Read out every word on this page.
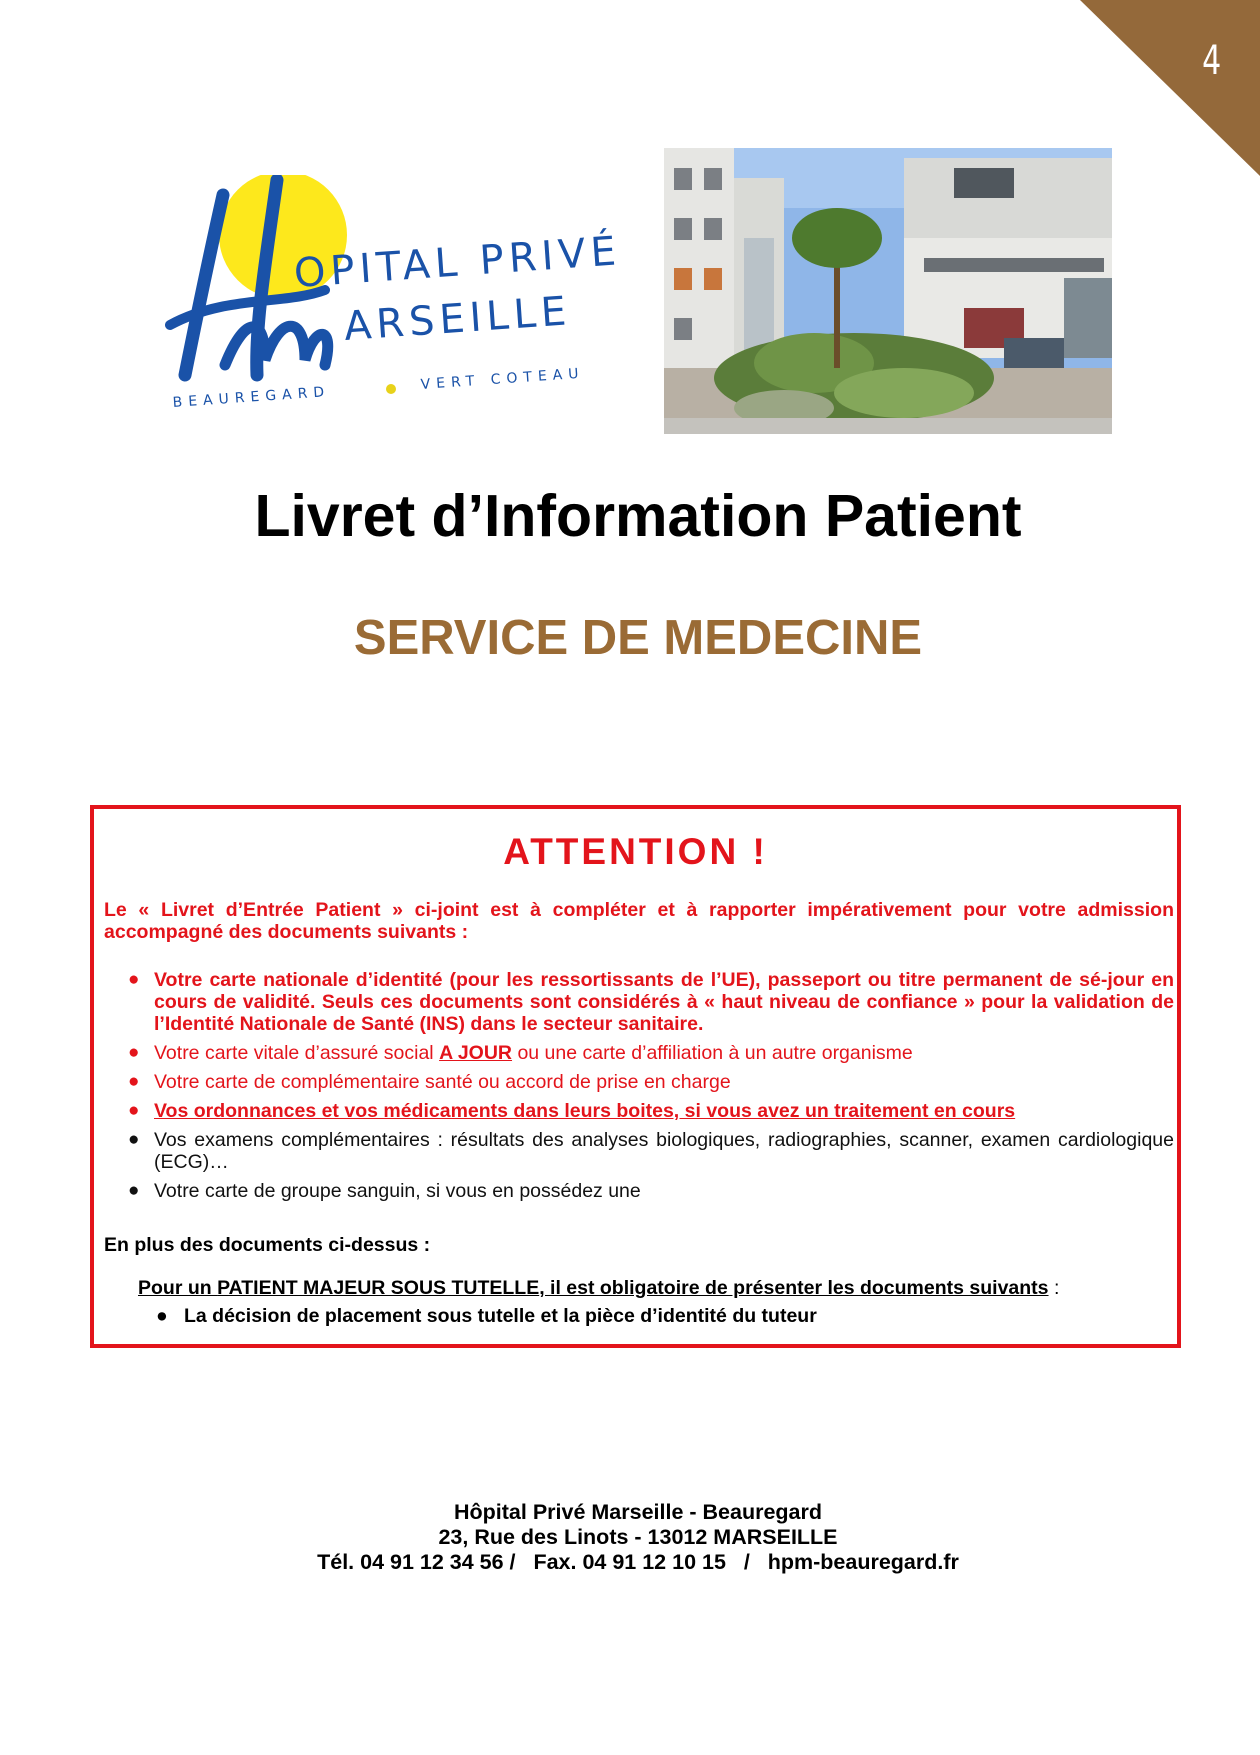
4
OPITAL PRIVÉ
ARSEILLE
BEAUREGARD
VERT COTEAU
Livret d’Information Patient
SERVICE DE MEDECINE
ATTENTION !
Le « Livret d’Entrée Patient » ci-joint est à compléter et à rapporter impérativement pour votre admission accompagné des documents suivants :
● Votre carte nationale d’identité (pour les ressortissants de l’UE), passeport ou titre permanent de sé-jour en cours de validité. Seuls ces documents sont considérés à « haut niveau de confiance » pour la validation de l’Identité Nationale de Santé (INS) dans le secteur sanitaire.
● Votre carte vitale d’assuré social A JOUR ou une carte d’affiliation à un autre organisme
● Votre carte de complémentaire santé ou accord de prise en charge
● Vos ordonnances et vos médicaments dans leurs boites, si vous avez un traitement en cours
● Vos examens complémentaires : résultats des analyses biologiques, radiographies, scanner, examen cardiologique (ECG)…
● Votre carte de groupe sanguin, si vous en possédez une
En plus des documents ci-dessus :
Pour un PATIENT MAJEUR SOUS TUTELLE, il est obligatoire de présenter les documents suivants :
● La décision de placement sous tutelle et la pièce d’identité du tuteur
Hôpital Privé Marseille - Beauregard
23, Rue des Linots - 13012 MARSEILLE
Tél. 04 91 12 34 56 /   Fax. 04 91 12 10 15   /   hpm-beauregard.fr
